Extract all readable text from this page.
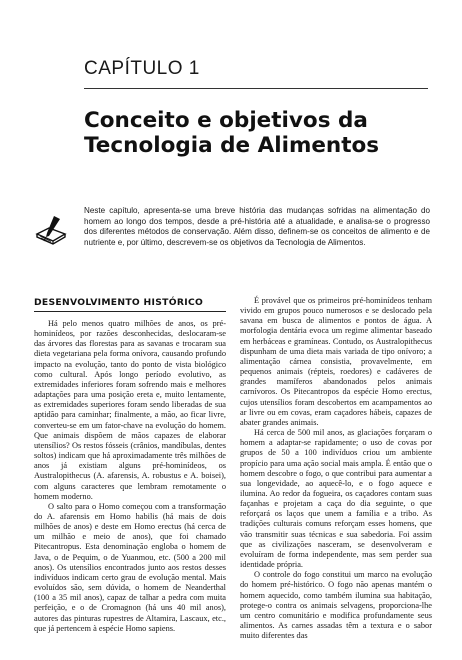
CAPÍTULO 1
Conceito e objetivos da
Tecnologia de Alimentos
Neste capítulo, apresenta-se uma breve história das mudanças sofridas na alimentação do homem ao longo dos tempos, desde a pré-história até a atualidade, e analisa-se o progresso dos diferentes métodos de conservação. Além disso, definem-se os conceitos de alimento e de nutriente e, por último, descrevem-se os objetivos da Tecnologia de Alimentos.
DESENVOLVIMENTO HISTÓRICO

Há pelo menos quatro milhões de anos, os pré-hominídeos, por razões desconhecidas, deslocaram-se das árvores das florestas para as savanas e trocaram sua dieta vegetariana pela forma onívora, causando profundo impacto na evolução, tanto do ponto de vista biológico como cultural. Após longo período evolutivo, as extremidades inferiores foram sofrendo mais e melhores adaptações para uma posição ereta e, muito lentamente, as extremidades superiores foram sendo liberadas de sua aptidão para caminhar; finalmente, a mão, ao ficar livre, converteu-se em um fator-chave na evolução do homem. Que animais dispõem de mãos capazes de elaborar utensílios? Os restos fósseis (crânios, mandíbulas, dentes soltos) indicam que há aproximadamente três milhões de anos já existiam alguns pré-hominídeos, os Australopithecus (A. afarensis, A. robustus e A. boisei), com alguns caracteres que lembram remotamente o homem moderno.

O salto para o Homo começou com a transformação do A. afarensis em Homo habilis (há mais de dois milhões de anos) e deste em Homo erectus (há cerca de um milhão e meio de anos), que foi chamado Pitecantropus. Esta denominação engloba o homem de Java, o de Pequim, o de Yuanmou, etc. (500 a 200 mil anos). Os utensílios encontrados junto aos restos desses indivíduos indicam certo grau de evolução mental. Mais evoluídos são, sem dúvida, o homem de Neanderthal (100 a 35 mil anos), capaz de talhar a pedra com muita perfeição, e o de Cromagnon (há uns 40 mil anos), autores das pinturas rupestres de Altamira, Lascaux, etc., que já pertencem à espécie Homo sapiens.

É provável que os primeiros pré-hominídeos tenham vivido em grupos pouco numerosos e se deslocado pela savana em busca de alimentos e pontos de água. A morfologia dentária evoca um regime alimentar baseado em herbáceas e gramíneas. Contudo, os Australopithecus dispunham de uma dieta mais variada de tipo onívoro; a alimentação cárnea consistia, provavelmente, em pequenos animais (répteis, roedores) e cadáveres de grandes mamíferos abandonados pelos animais carnívoros. Os Pitecantropos da espécie Homo erectus, cujos utensílios foram descobertos em acampamentos ao ar livre ou em covas, eram caçadores hábeis, capazes de abater grandes animais.

Há cerca de 500 mil anos, as glaciações forçaram o homem a adaptar-se rapidamente; o uso de covas por grupos de 50 a 100 indivíduos criou um ambiente propício para uma ação social mais ampla. É então que o homem descobre o fogo, o que contribui para aumentar a sua longevidade, ao aquecê-lo, e o fogo aquece e ilumina. Ao redor da fogueira, os caçadores contam suas façanhas e projetam a caça do dia seguinte, o que reforçará os laços que unem a família e a tribo. As tradições culturais comuns reforçam esses homens, que vão transmitir suas técnicas e sua sabedoria. Foi assim que as civilizações nasceram, se desenvolveram e evoluíram de forma independente, mas sem perder sua identidade própria.

O controle do fogo constitui um marco na evolução do homem pré-histórico. O fogo não apenas mantém o homem aquecido, como também ilumina sua habitação, protege-o contra os animais selvagens, proporciona-lhe um centro comunitário e modifica profundamente seus alimentos. As carnes assadas têm a textura e o sabor muito diferentes das
